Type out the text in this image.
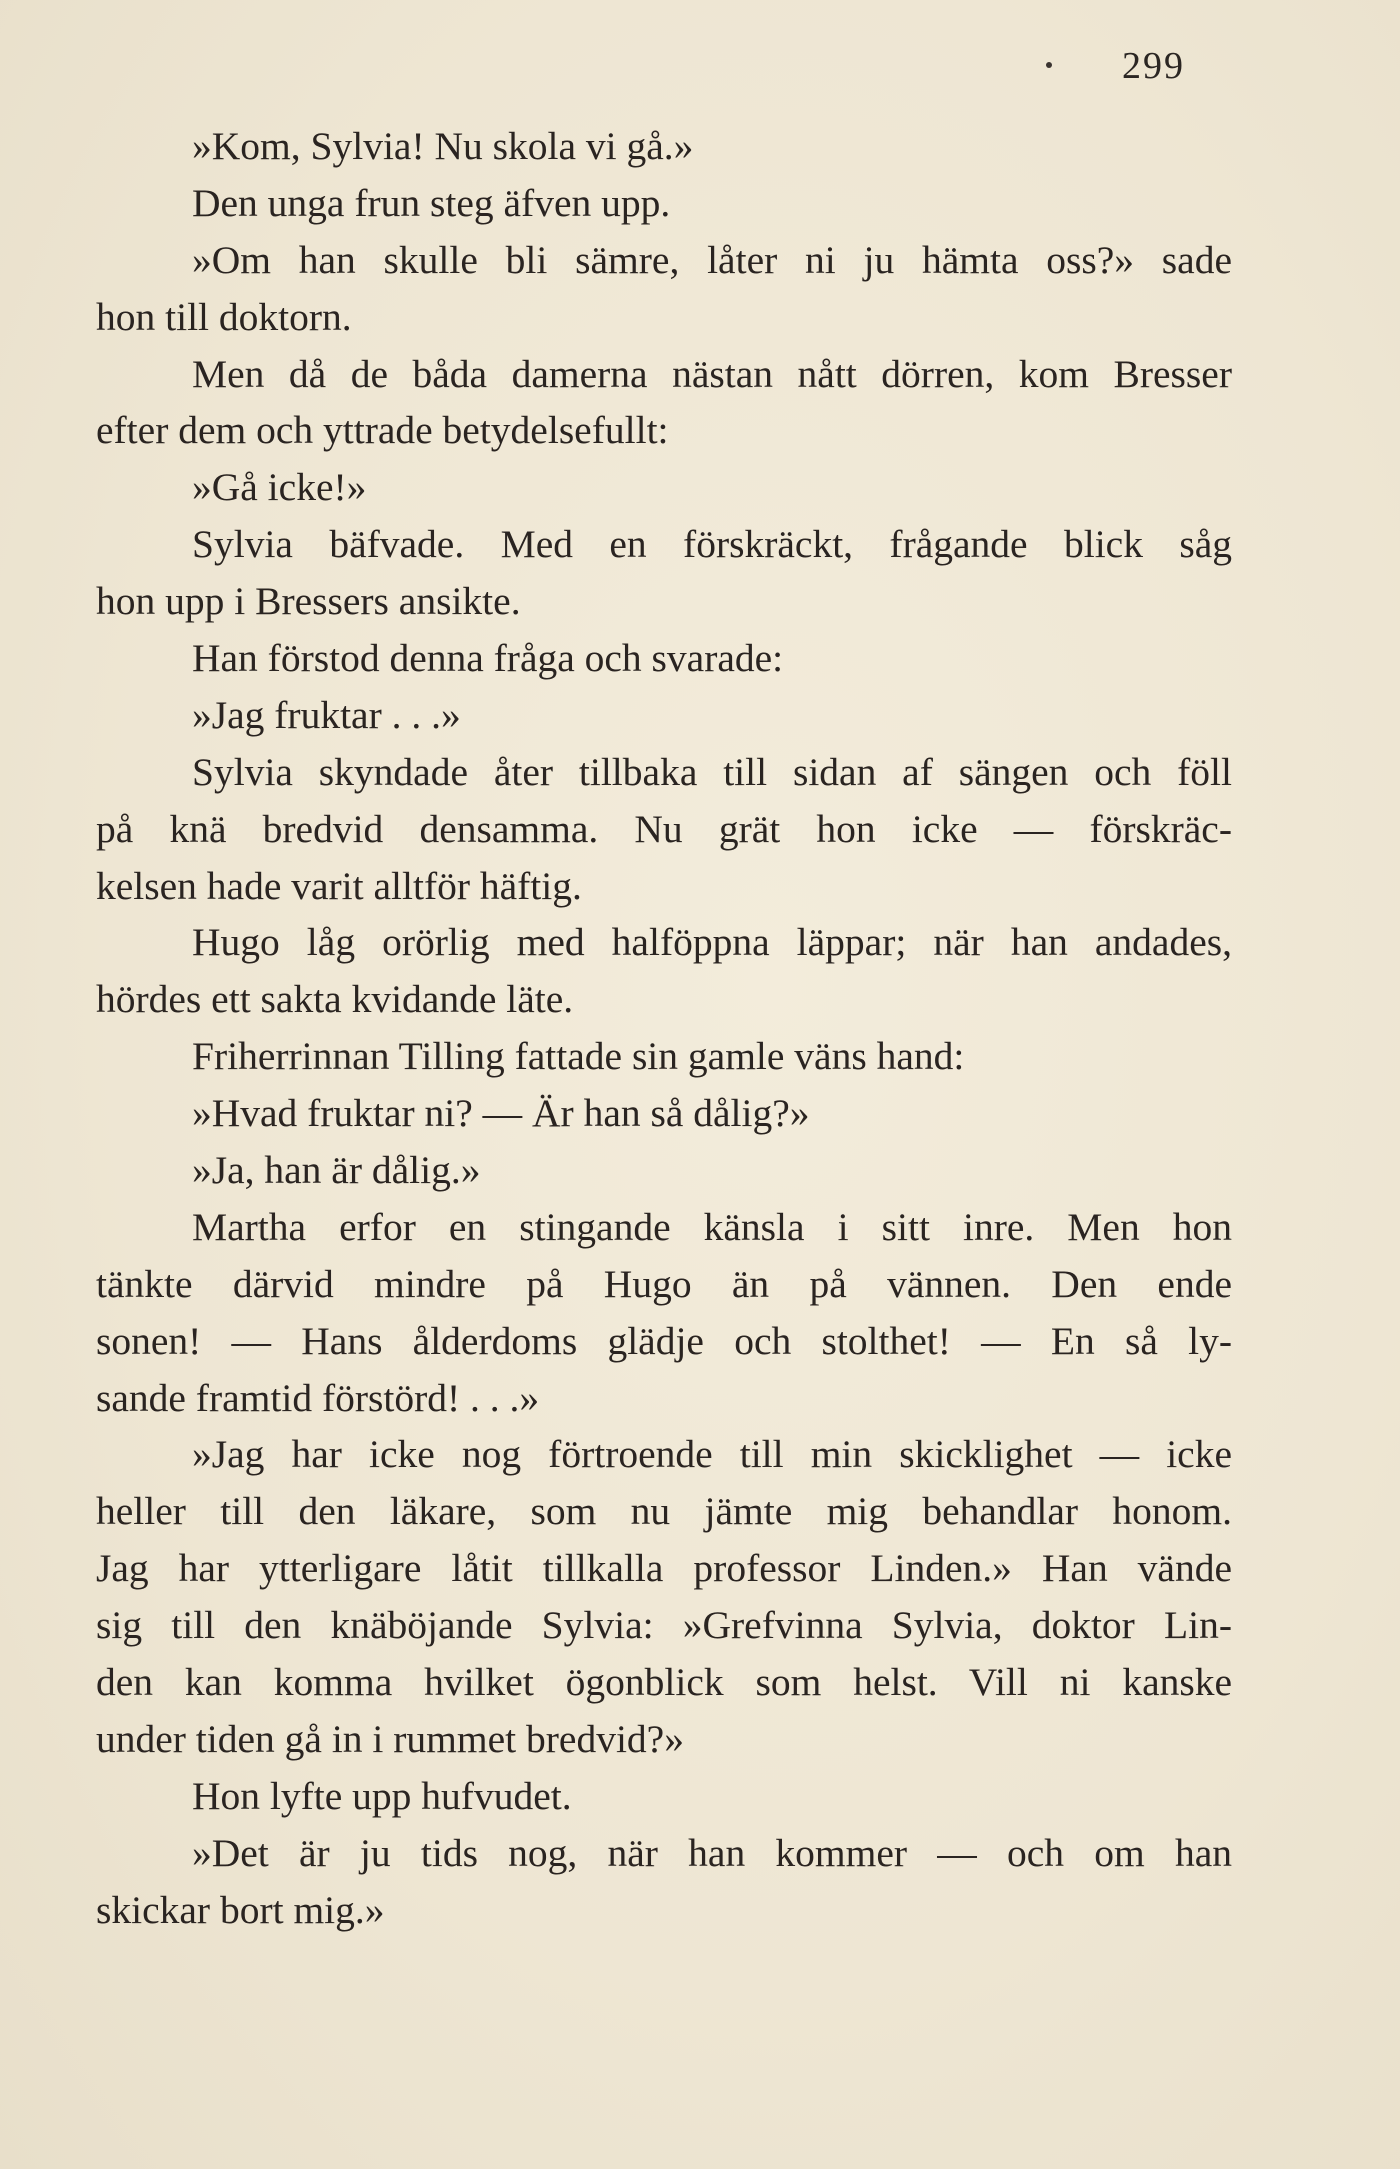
299
»Kom, Sylvia! Nu skola vi gå.»
Den unga frun steg äfven upp.
»Om han skulle bli sämre, låter ni ju hämta oss?» sade
hon till doktorn.
Men då de båda damerna nästan nått dörren, kom Bresser
efter dem och yttrade betydelsefullt:
»Gå icke!»
Sylvia bäfvade. Med en förskräckt, frågande blick såg
hon upp i Bressers ansikte.
Han förstod denna fråga och svarade:
»Jag fruktar . . .»
Sylvia skyndade åter tillbaka till sidan af sängen och föll
på knä bredvid densamma. Nu grät hon icke — förskräc-
kelsen hade varit alltför häftig.
Hugo låg orörlig med halföppna läppar; när han andades,
hördes ett sakta kvidande läte.
Friherrinnan Tilling fattade sin gamle väns hand:
»Hvad fruktar ni? — Är han så dålig?»
»Ja, han är dålig.»
Martha erfor en stingande känsla i sitt inre. Men hon
tänkte därvid mindre på Hugo än på vännen. Den ende
sonen! — Hans ålderdoms glädje och stolthet! — En så ly-
sande framtid förstörd! . . .»
»Jag har icke nog förtroende till min skicklighet — icke
heller till den läkare, som nu jämte mig behandlar honom.
Jag har ytterligare låtit tillkalla professor Linden.» Han vände
sig till den knäböjande Sylvia: »Grefvinna Sylvia, doktor Lin-
den kan komma hvilket ögonblick som helst. Vill ni kanske
under tiden gå in i rummet bredvid?»
Hon lyfte upp hufvudet.
»Det är ju tids nog, när han kommer — och om han
skickar bort mig.»
